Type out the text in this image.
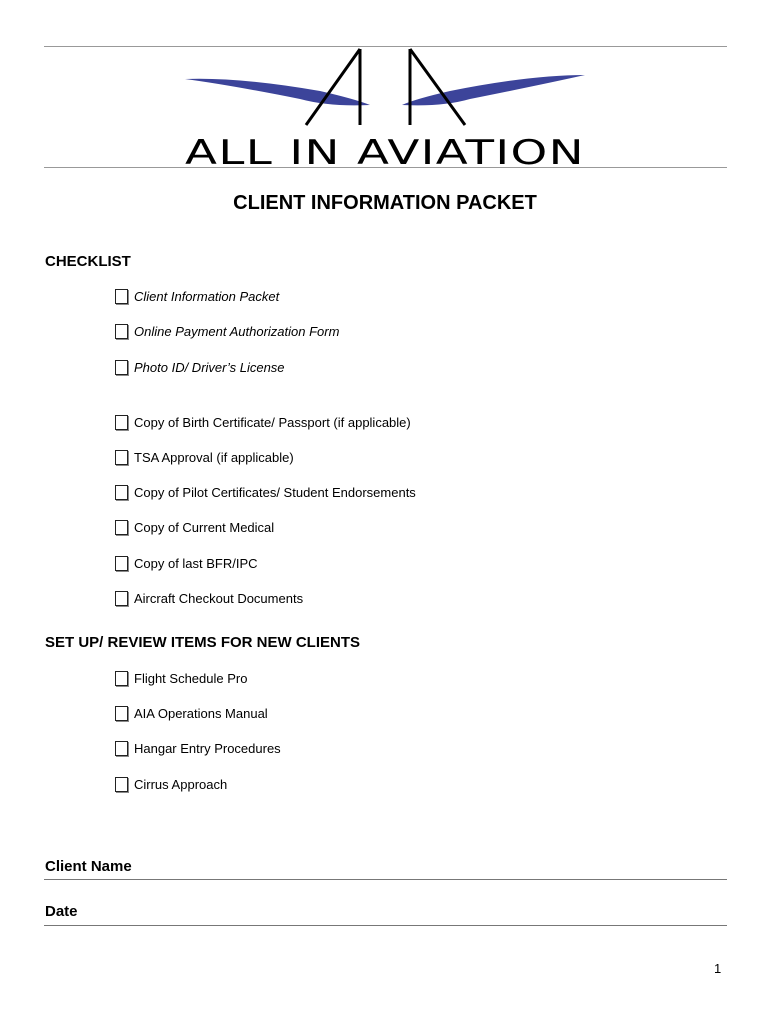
ALL IN AVIATION
CLIENT INFORMATION PACKET
CHECKLIST
Client Information Packet
Online Payment Authorization Form
Photo ID/ Driver’s License
Copy of Birth Certificate/ Passport (if applicable)
TSA Approval (if applicable)
Copy of Pilot Certificates/ Student Endorsements
Copy of Current Medical
Copy of last BFR/IPC
Aircraft Checkout Documents
SET UP/ REVIEW ITEMS FOR NEW CLIENTS
Flight Schedule Pro
AIA Operations Manual
Hangar Entry Procedures
Cirrus Approach
Client Name
Date
1
